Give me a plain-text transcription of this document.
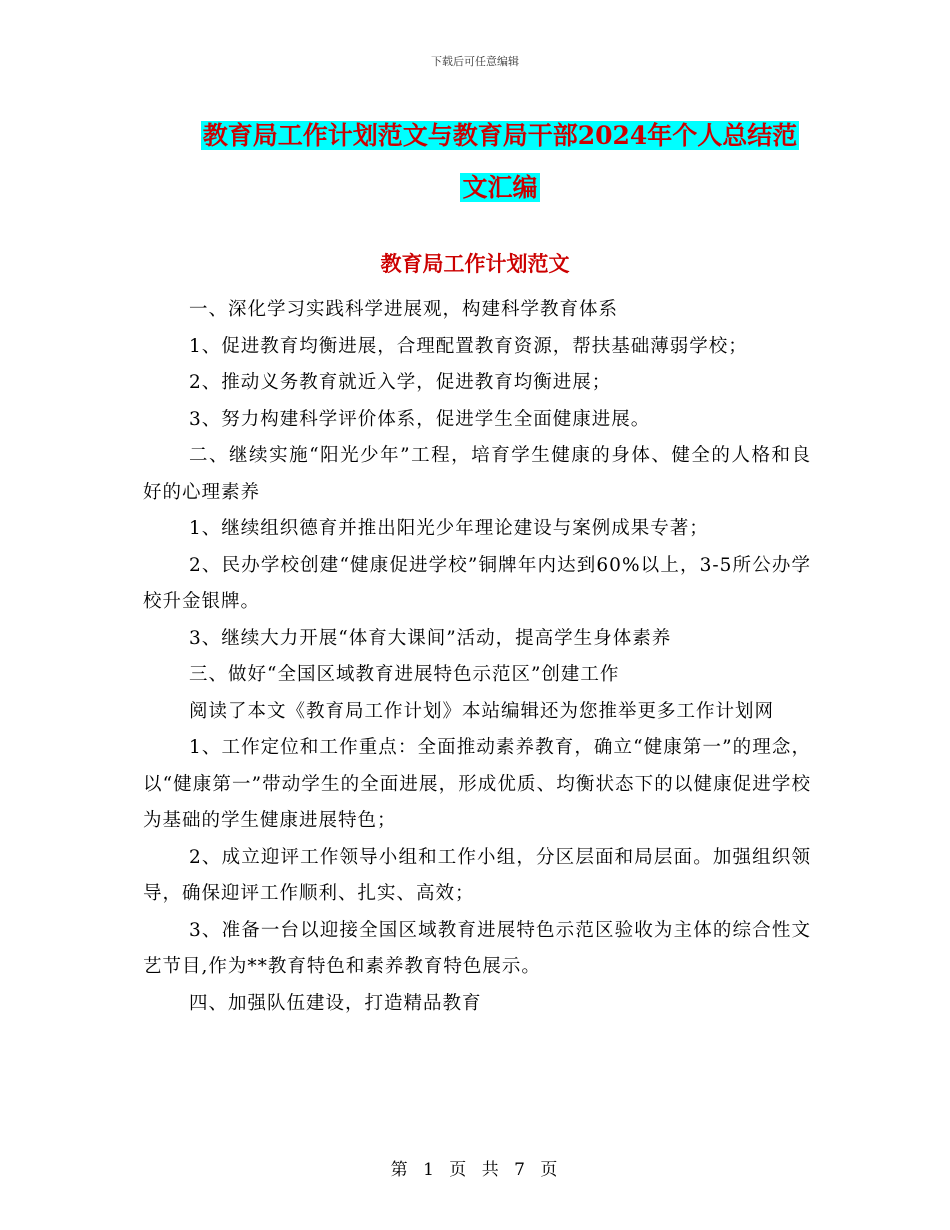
下载后可任意编辑
教育局工作计划范文与教育局干部2024年个人总结范
文汇编
教育局工作计划范文

一、深化学习实践科学进展观，构建科学教育体系

1、促进教育均衡进展，合理配置教育资源，帮扶基础薄弱学校；

2、推动义务教育就近入学，促进教育均衡进展；

3、努力构建科学评价体系，促进学生全面健康进展。

二、继续实施“阳光少年”工程，培育学生健康的身体、健全的人格和良好的心理素养

1、继续组织德育并推出阳光少年理论建设与案例成果专著；

2、民办学校创建“健康促进学校”铜牌年内达到60%以上，3-5所公办学校升金银牌。

3、继续大力开展“体育大课间”活动，提高学生身体素养

三、做好“全国区域教育进展特色示范区”创建工作

阅读了本文《教育局工作计划》本站编辑还为您推举更多工作计划网

1、工作定位和工作重点：全面推动素养教育，确立“健康第一”的理念，以“健康第一”带动学生的全面进展，形成优质、均衡状态下的以健康促进学校为基础的学生健康进展特色；

2、成立迎评工作领导小组和工作小组，分区层面和局层面。加强组织领导，确保迎评工作顺利、扎实、高效；

3、准备一台以迎接全国区域教育进展特色示范区验收为主体的综合性文艺节目,作为**教育特色和素养教育特色展示。

四、加强队伍建设，打造精品教育

第 1 页 共 7 页
